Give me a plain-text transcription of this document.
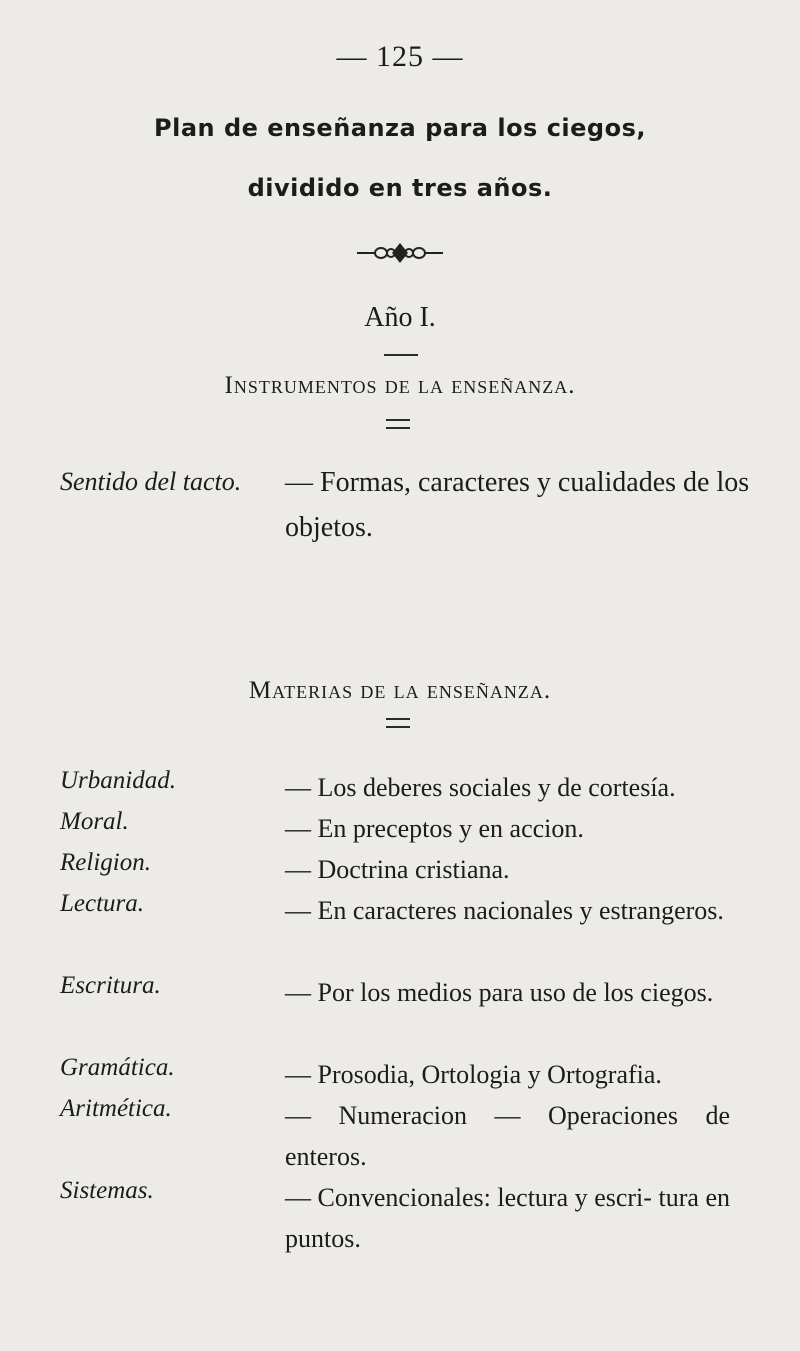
— 125 —
Plan de enseñanza para los ciegos,
dividido en tres años.
Año I.
Instrumentos de la enseñanza.
Sentido del tacto. — Formas, caracteres y cualidades de los objetos.
Materias de la enseñanza.
Urbanidad.	— Los deberes sociales y de cortesía.
Moral.	— En preceptos y en accion.
Religion.	— Doctrina cristiana.
Lectura.	— En caracteres nacionales y estrangeros.
Escritura.	— Por los medios para uso de los ciegos.
Gramática.	— Prosodia, Ortologia y Ortografia.
Aritmética.	— Numeracion — Operaciones de enteros.
Sistemas.	— Convencionales: lectura y escri- tura en puntos.
